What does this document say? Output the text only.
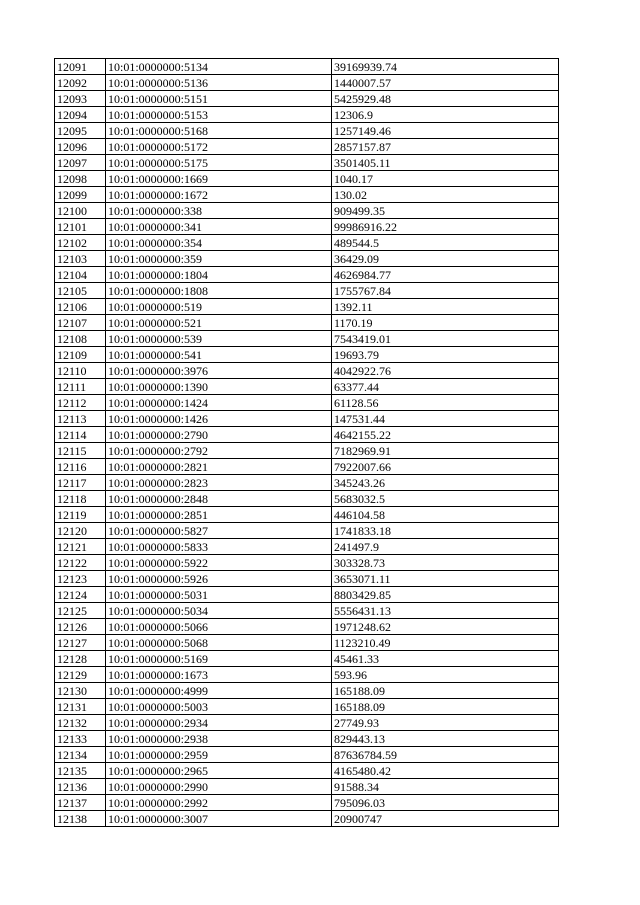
12091	10:01:0000000:5134	39169939.74
12092	10:01:0000000:5136	1440007.57
12093	10:01:0000000:5151	5425929.48
12094	10:01:0000000:5153	12306.9
12095	10:01:0000000:5168	1257149.46
12096	10:01:0000000:5172	2857157.87
12097	10:01:0000000:5175	3501405.11
12098	10:01:0000000:1669	1040.17
12099	10:01:0000000:1672	130.02
12100	10:01:0000000:338	909499.35
12101	10:01:0000000:341	99986916.22
12102	10:01:0000000:354	489544.5
12103	10:01:0000000:359	36429.09
12104	10:01:0000000:1804	4626984.77
12105	10:01:0000000:1808	1755767.84
12106	10:01:0000000:519	1392.11
12107	10:01:0000000:521	1170.19
12108	10:01:0000000:539	7543419.01
12109	10:01:0000000:541	19693.79
12110	10:01:0000000:3976	4042922.76
12111	10:01:0000000:1390	63377.44
12112	10:01:0000000:1424	61128.56
12113	10:01:0000000:1426	147531.44
12114	10:01:0000000:2790	4642155.22
12115	10:01:0000000:2792	7182969.91
12116	10:01:0000000:2821	7922007.66
12117	10:01:0000000:2823	345243.26
12118	10:01:0000000:2848	5683032.5
12119	10:01:0000000:2851	446104.58
12120	10:01:0000000:5827	1741833.18
12121	10:01:0000000:5833	241497.9
12122	10:01:0000000:5922	303328.73
12123	10:01:0000000:5926	3653071.11
12124	10:01:0000000:5031	8803429.85
12125	10:01:0000000:5034	5556431.13
12126	10:01:0000000:5066	1971248.62
12127	10:01:0000000:5068	1123210.49
12128	10:01:0000000:5169	45461.33
12129	10:01:0000000:1673	593.96
12130	10:01:0000000:4999	165188.09
12131	10:01:0000000:5003	165188.09
12132	10:01:0000000:2934	27749.93
12133	10:01:0000000:2938	829443.13
12134	10:01:0000000:2959	87636784.59
12135	10:01:0000000:2965	4165480.42
12136	10:01:0000000:2990	91588.34
12137	10:01:0000000:2992	795096.03
12138	10:01:0000000:3007	20900747
